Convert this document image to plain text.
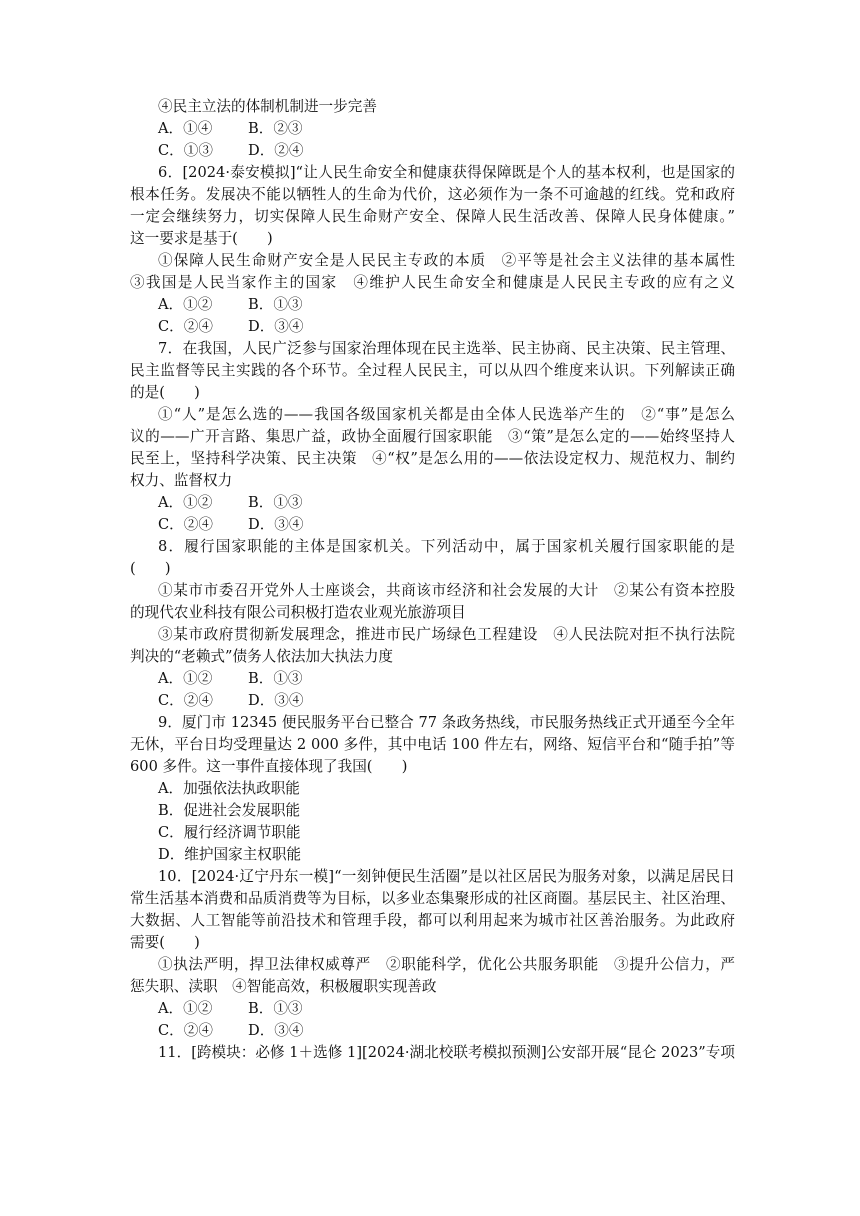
④民主立法的体制机制进一步完善
A．①④ B．②③
C．①③ D．②④
6．[2024·泰安模拟]“让人民生命安全和健康获得保障既是个人的基本权利，也是国家的
根本任务。发展决不能以牺牲人的生命为代价，这必须作为一条不可逾越的红线。党和政府
一定会继续努力，切实保障人民生命财产安全、保障人民生活改善、保障人民身体健康。”
这一要求是基于(　　)
①保障人民生命财产安全是人民民主专政的本质　②平等是社会主义法律的基本属性
③我国是人民当家作主的国家　④维护人民生命安全和健康是人民民主专政的应有之义
A．①② B．①③
C．②④ D．③④
7．在我国，人民广泛参与国家治理体现在民主选举、民主协商、民主决策、民主管理、
民主监督等民主实践的各个环节。全过程人民民主，可以从四个维度来认识。下列解读正确
的是(　　)
①“人”是怎么选的——我国各级国家机关都是由全体人民选举产生的　②“事”是怎么
议的——广开言路、集思广益，政协全面履行国家职能　③“策”是怎么定的——始终坚持人
民至上，坚持科学决策、民主决策　④“权”是怎么用的——依法设定权力、规范权力、制约
权力、监督权力
A．①② B．①③
C．②④ D．③④
8．履行国家职能的主体是国家机关。下列活动中，属于国家机关履行国家职能的是
(　　)
①某市市委召开党外人士座谈会，共商该市经济和社会发展的大计　②某公有资本控股
的现代农业科技有限公司积极打造农业观光旅游项目
③某市政府贯彻新发展理念，推进市民广场绿色工程建设　④人民法院对拒不执行法院
判决的“老赖式”债务人依法加大执法力度
A．①② B．①③
C．②④ D．③④
9．厦门市 12345 便民服务平台已整合 77 条政务热线，市民服务热线正式开通至今全年
无休，平台日均受理量达 2 000 多件，其中电话 100 件左右，网络、短信平台和“随手拍”等
600 多件。这一事件直接体现了我国(　　)
A．加强依法执政职能
B．促进社会发展职能
C．履行经济调节职能
D．维护国家主权职能
10．[2024·辽宁丹东一模]“一刻钟便民生活圈”是以社区居民为服务对象，以满足居民日
常生活基本消费和品质消费等为目标，以多业态集聚形成的社区商圈。基层民主、社区治理、
大数据、人工智能等前沿技术和管理手段，都可以利用起来为城市社区善治服务。为此政府
需要(　　)
①执法严明，捍卫法律权威尊严　②职能科学，优化公共服务职能　③提升公信力，严
惩失职、渎职　④智能高效，积极履职实现善政
A．①② B．①③
C．②④ D．③④
11．[跨模块：必修 1＋选修 1][2024·湖北校联考模拟预测]公安部开展“昆仑 2023”专项
